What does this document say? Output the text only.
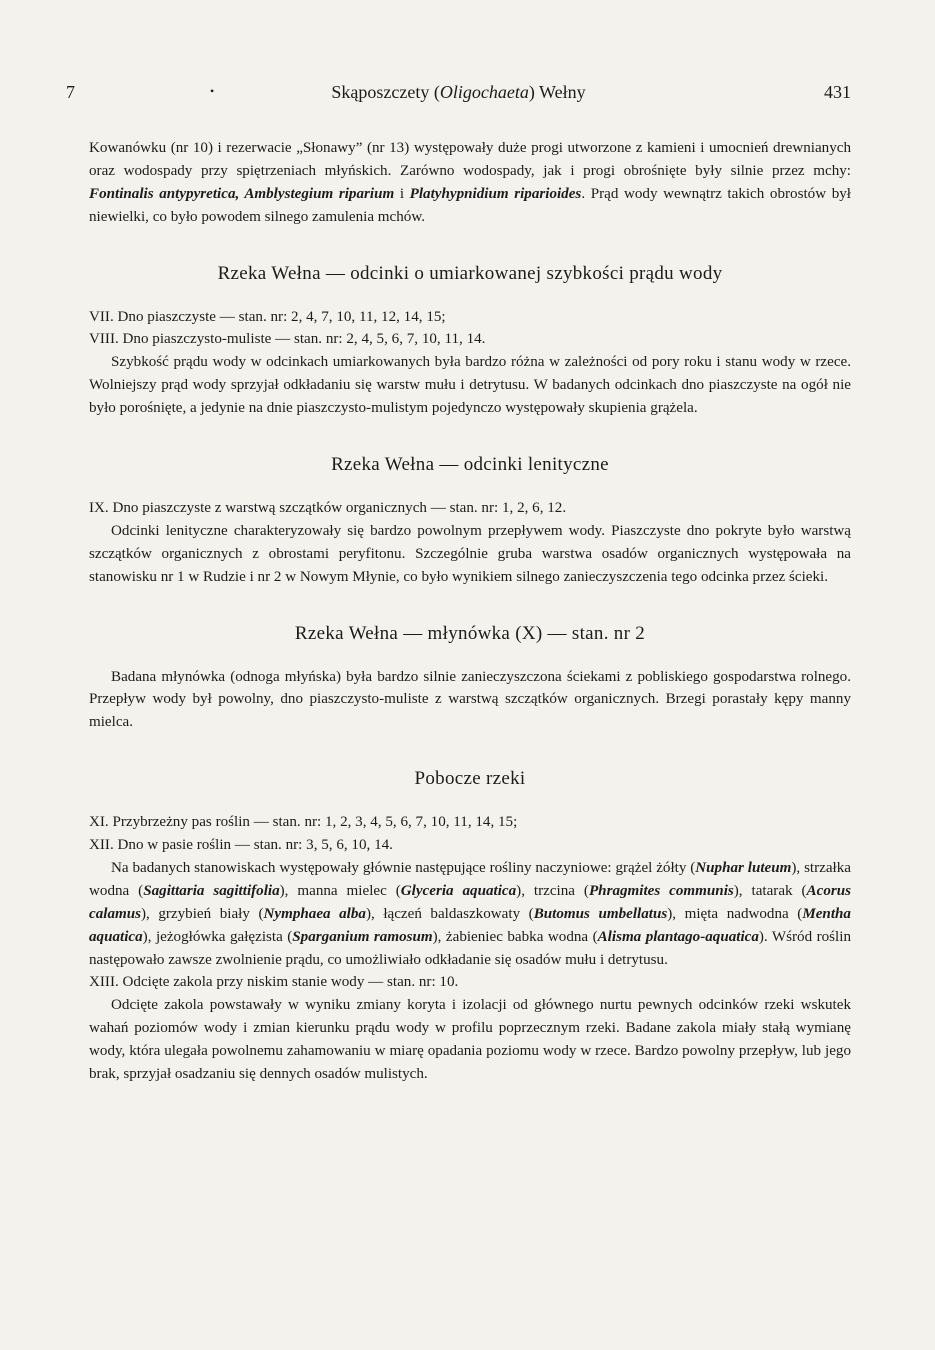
7	Skąposzczety (Oligochaeta) Wełny	431
•

Kowanówku (nr 10) i rezerwacie „Słonawy” (nr 13) występowały duże progi utworzone z kamieni i umocnień drewnianych oraz wodospady przy spiętrzeniach młyńskich. Zarówno wodospady, jak i progi obrośnięte były silnie przez mchy: Fontinalis antypyretica, Amblystegium riparium i Platyhypnidium riparioides. Prąd wody wewnątrz takich obrostów był niewielki, co było powodem silnego zamulenia mchów.

Rzeka Wełna — odcinki o umiarkowanej szybkości prądu wody

VII. Dno piaszczyste — stan. nr: 2, 4, 7, 10, 11, 12, 14, 15;

VIII. Dno piaszczysto-muliste — stan. nr: 2, 4, 5, 6, 7, 10, 11, 14.

Szybkość prądu wody w odcinkach umiarkowanych była bardzo różna w zależności od pory roku i stanu wody w rzece. Wolniejszy prąd wody sprzyjał odkładaniu się warstw mułu i detrytusu. W badanych odcinkach dno piaszczyste na ogół nie było porośnięte, a jedynie na dnie piaszczysto-mulistym pojedynczo występowały skupienia grążela.

Rzeka Wełna — odcinki lenityczne

IX. Dno piaszczyste z warstwą szczątków organicznych — stan. nr: 1, 2, 6, 12.

Odcinki lenityczne charakteryzowały się bardzo powolnym przepływem wody. Piaszczyste dno pokryte było warstwą szczątków organicznych z obrostami peryfitonu. Szczególnie gruba warstwa osadów organicznych występowała na stanowisku nr 1 w Rudzie i nr 2 w Nowym Młynie, co było wynikiem silnego zanieczyszczenia tego odcinka przez ścieki.

Rzeka Wełna — młynówka (X) — stan. nr 2

Badana młynówka (odnoga młyńska) była bardzo silnie zanieczyszczona ściekami z pobliskiego gospodarstwa rolnego. Przepływ wody był powolny, dno piaszczysto-muliste z warstwą szczątków organicznych. Brzegi porastały kępy manny mielca.

Pobocze rzeki

XI. Przybrzeżny pas roślin — stan. nr: 1, 2, 3, 4, 5, 6, 7, 10, 11, 14, 15;

XII. Dno w pasie roślin — stan. nr: 3, 5, 6, 10, 14.

Na badanych stanowiskach występowały głównie następujące rośliny naczyniowe: grążel żółty (Nuphar luteum), strzałka wodna (Sagittaria sagittifolia), manna mielec (Glyceria aquatica), trzcina (Phragmites communis), tatarak (Acorus calamus), grzybień biały (Nymphaea alba), łączeń baldaszkowaty (Butomus umbellatus), mięta nadwodna (Mentha aquatica), jeżogłówka gałęzista (Sparganium ramosum), żabieniec babka wodna (Alisma plantago-aquatica). Wśród roślin następowało zawsze zwolnienie prądu, co umożliwiało odkładanie się osadów mułu i detrytusu.

XIII. Odcięte zakola przy niskim stanie wody — stan. nr: 10.

Odcięte zakola powstawały w wyniku zmiany koryta i izolacji od głównego nurtu pewnych odcinków rzeki wskutek wahań poziomów wody i zmian kierunku prądu wody w profilu poprzecznym rzeki. Badane zakola miały stałą wymianę wody, która ulegała powolnemu zahamowaniu w miarę opadania poziomu wody w rzece. Bardzo powolny przepływ, lub jego brak, sprzyjał osadzaniu się dennych osadów mulistych.
